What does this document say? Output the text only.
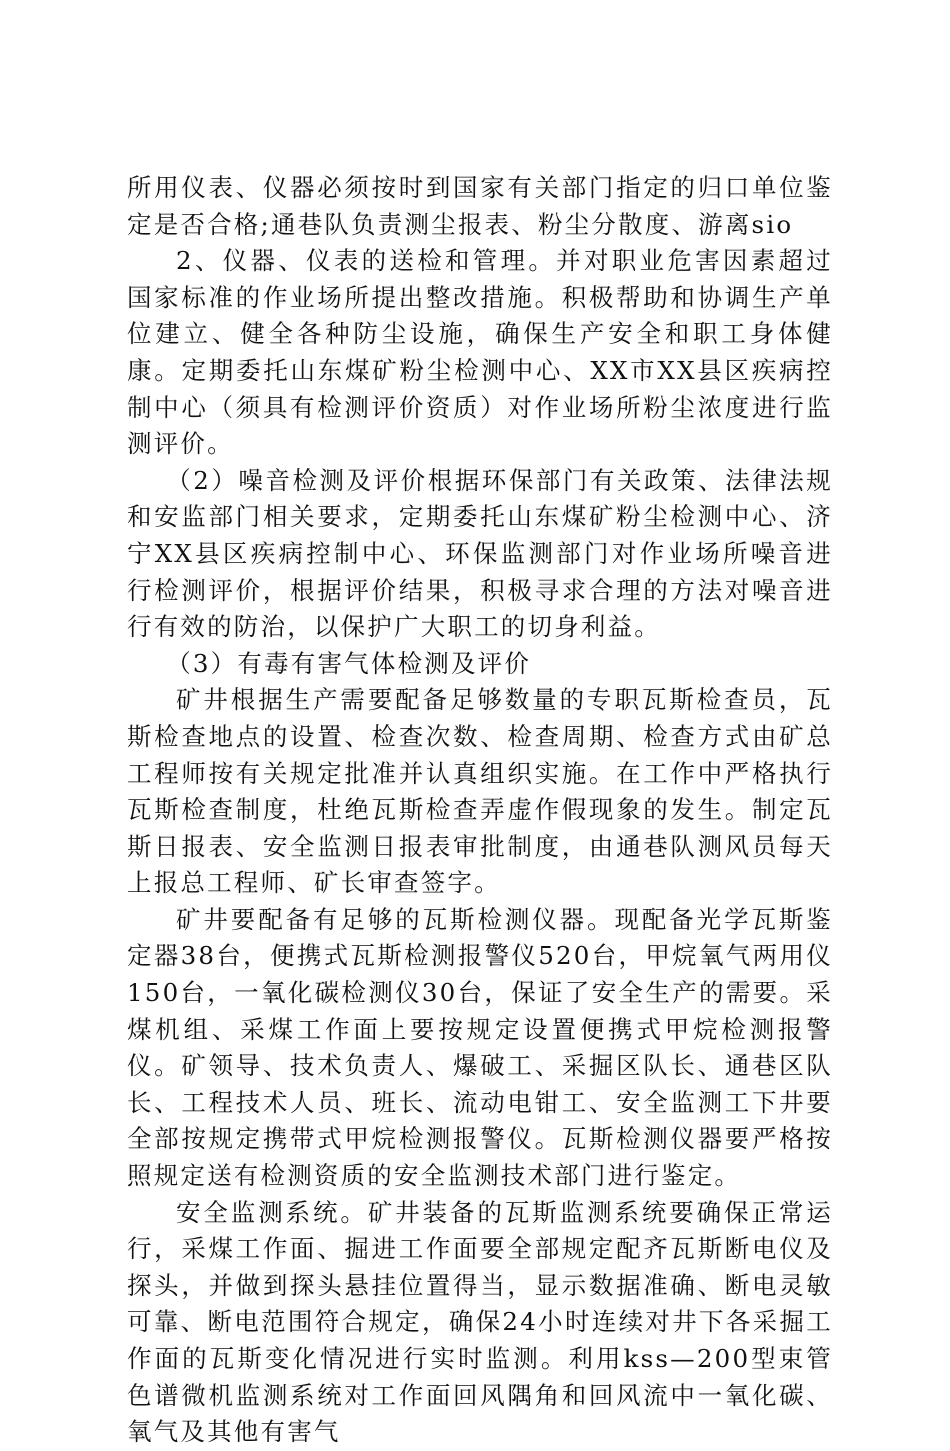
所用仪表、仪器必须按时到国家有关部门指定的归口单位鉴定是否合格;通巷队负责测尘报表、粉尘分散度、游离sio

2、仪器、仪表的送检和管理。并对职业危害因素超过国家标准的作业场所提出整改措施。积极帮助和协调生产单位建立、健全各种防尘设施，确保生产安全和职工身体健康。定期委托山东煤矿粉尘检测中心、XX市XX县区疾病控制中心（须具有检测评价资质）对作业场所粉尘浓度进行监测评价。

（2）噪音检测及评价根据环保部门有关政策、法律法规和安监部门相关要求，定期委托山东煤矿粉尘检测中心、济宁XX县区疾病控制中心、环保监测部门对作业场所噪音进行检测评价，根据评价结果，积极寻求合理的方法对噪音进行有效的防治，以保护广大职工的切身利益。

（3）有毒有害气体检测及评价

矿井根据生产需要配备足够数量的专职瓦斯检查员，瓦斯检查地点的设置、检查次数、检查周期、检查方式由矿总工程师按有关规定批准并认真组织实施。在工作中严格执行瓦斯检查制度，杜绝瓦斯检查弄虚作假现象的发生。制定瓦斯日报表、安全监测日报表审批制度，由通巷队测风员每天上报总工程师、矿长审查签字。

矿井要配备有足够的瓦斯检测仪器。现配备光学瓦斯鉴定器38台，便携式瓦斯检测报警仪520台，甲烷氧气两用仪150台，一氧化碳检测仪30台，保证了安全生产的需要。采煤机组、采煤工作面上要按规定设置便携式甲烷检测报警仪。矿领导、技术负责人、爆破工、采掘区队长、通巷区队长、工程技术人员、班长、流动电钳工、安全监测工下井要全部按规定携带式甲烷检测报警仪。瓦斯检测仪器要严格按照规定送有检测资质的安全监测技术部门进行鉴定。

安全监测系统。矿井装备的瓦斯监测系统要确保正常运行，采煤工作面、掘进工作面要全部规定配齐瓦斯断电仪及探头，并做到探头悬挂位置得当，显示数据准确、断电灵敏可靠、断电范围符合规定，确保24小时连续对井下各采掘工作面的瓦斯变化情况进行实时监测。利用kss—200型束管色谱微机监测系统对工作面回风隅角和回风流中一氧化碳、氧气及其他有害气
